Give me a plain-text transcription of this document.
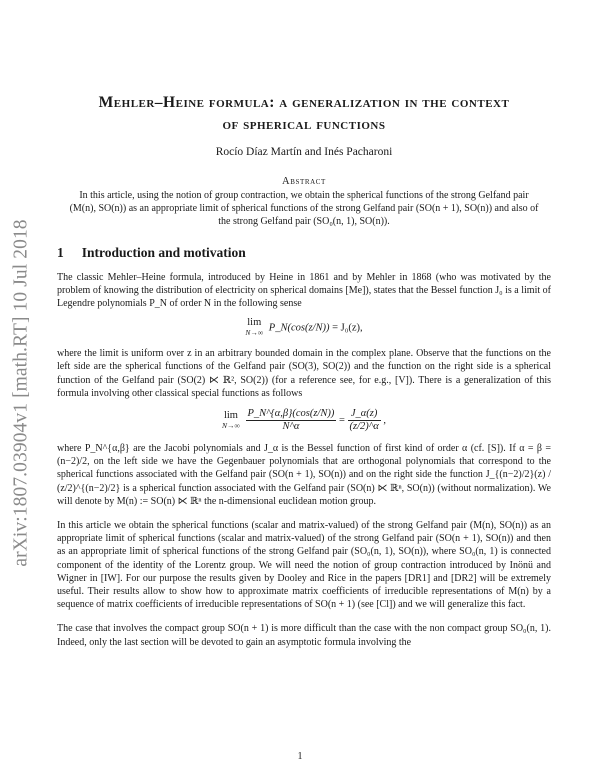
arXiv:1807.03904v1 [math.RT] 10 Jul 2018
Mehler–Heine formula: a generalization in the context
of spherical functions
Rocío Díaz Martín and Inés Pacharoni
Abstract
In this article, using the notion of group contraction, we obtain the spherical functions of the strong Gelfand pair (M(n), SO(n)) as an appropriate limit of spherical functions of the strong Gelfand pair (SO(n + 1), SO(n)) and also of the strong Gelfand pair (SO₀(n, 1), SO(n)).
1 Introduction and motivation

The classic Mehler–Heine formula, introduced by Heine in 1861 and by Mehler in 1868 (who was motivated by the problem of knowing the distribution of electricity on spherical domains [Me]), states that the Bessel function J₀ is a limit of Legendre polynomials P_N of order N in the following sense

lim
N→∞ P_N(cos(z/N)) = J₀(z),

where the limit is uniform over z in an arbitrary bounded domain in the complex plane. Observe that the functions on the left side are the spherical functions of the Gelfand pair (SO(3), SO(2)) and the function on the right side is a spherical function of the Gelfand pair (SO(2) ⋉ ℝ², SO(2)) (for a reference see, for e.g., [V]). There is a generalization of this formula involving other classical special functions as follows

lim
N→∞
$\frac{P\_N\^{}\{\alpha,\beta\}(\cos(z/N))}{N\^{}\alpha} = \frac{J\_\alpha(z)}{(z/2)\^{}\alpha}$ ,

where P_N^{α,β} are the Jacobi polynomials and J_α is the Bessel function of first kind of order α (cf. [S]). If α = β = (n−2)/2, on the left side we have the Gegenbauer polynomials that are orthogonal polynomials that correspond to the spherical functions associated with the Gelfand pair (SO(n + 1), SO(n)) and on the right side the function J_{(n−2)/2}(z) / (z/2)^{(n−2)/2} is a spherical function associated with the Gelfand pair (SO(n) ⋉ ℝⁿ, SO(n)) (without normalization). We will denote by M(n) := SO(n) ⋉ ℝⁿ the n-dimensional euclidean motion group.

In this article we obtain the spherical functions (scalar and matrix-valued) of the strong Gelfand pair (M(n), SO(n)) as an appropriate limit of spherical functions (scalar and matrix-valued) of the strong Gelfand pair (SO(n + 1), SO(n)) and then as an appropriate limit of spherical functions of the strong Gelfand pair (SO₀(n, 1), SO(n)), where SO₀(n, 1) is connected component of the identity of the Lorentz group. We will need the notion of group contraction introduced by Inönü and Wigner in [IW]. For our purpose the results given by Dooley and Rice in the papers [DR1] and [DR2] will be extremely useful. Their results allow to show how to approximate matrix coefficients of irreducible representations of M(n) by a sequence of matrix coefficients of irreducible representations of SO(n + 1) (see [Cl]) and we will generalize this fact.

The case that involves the compact group SO(n + 1) is more difficult than the case with the non compact group SO₀(n, 1). Indeed, only the last section will be devoted to gain an asymptotic formula involving the

1
